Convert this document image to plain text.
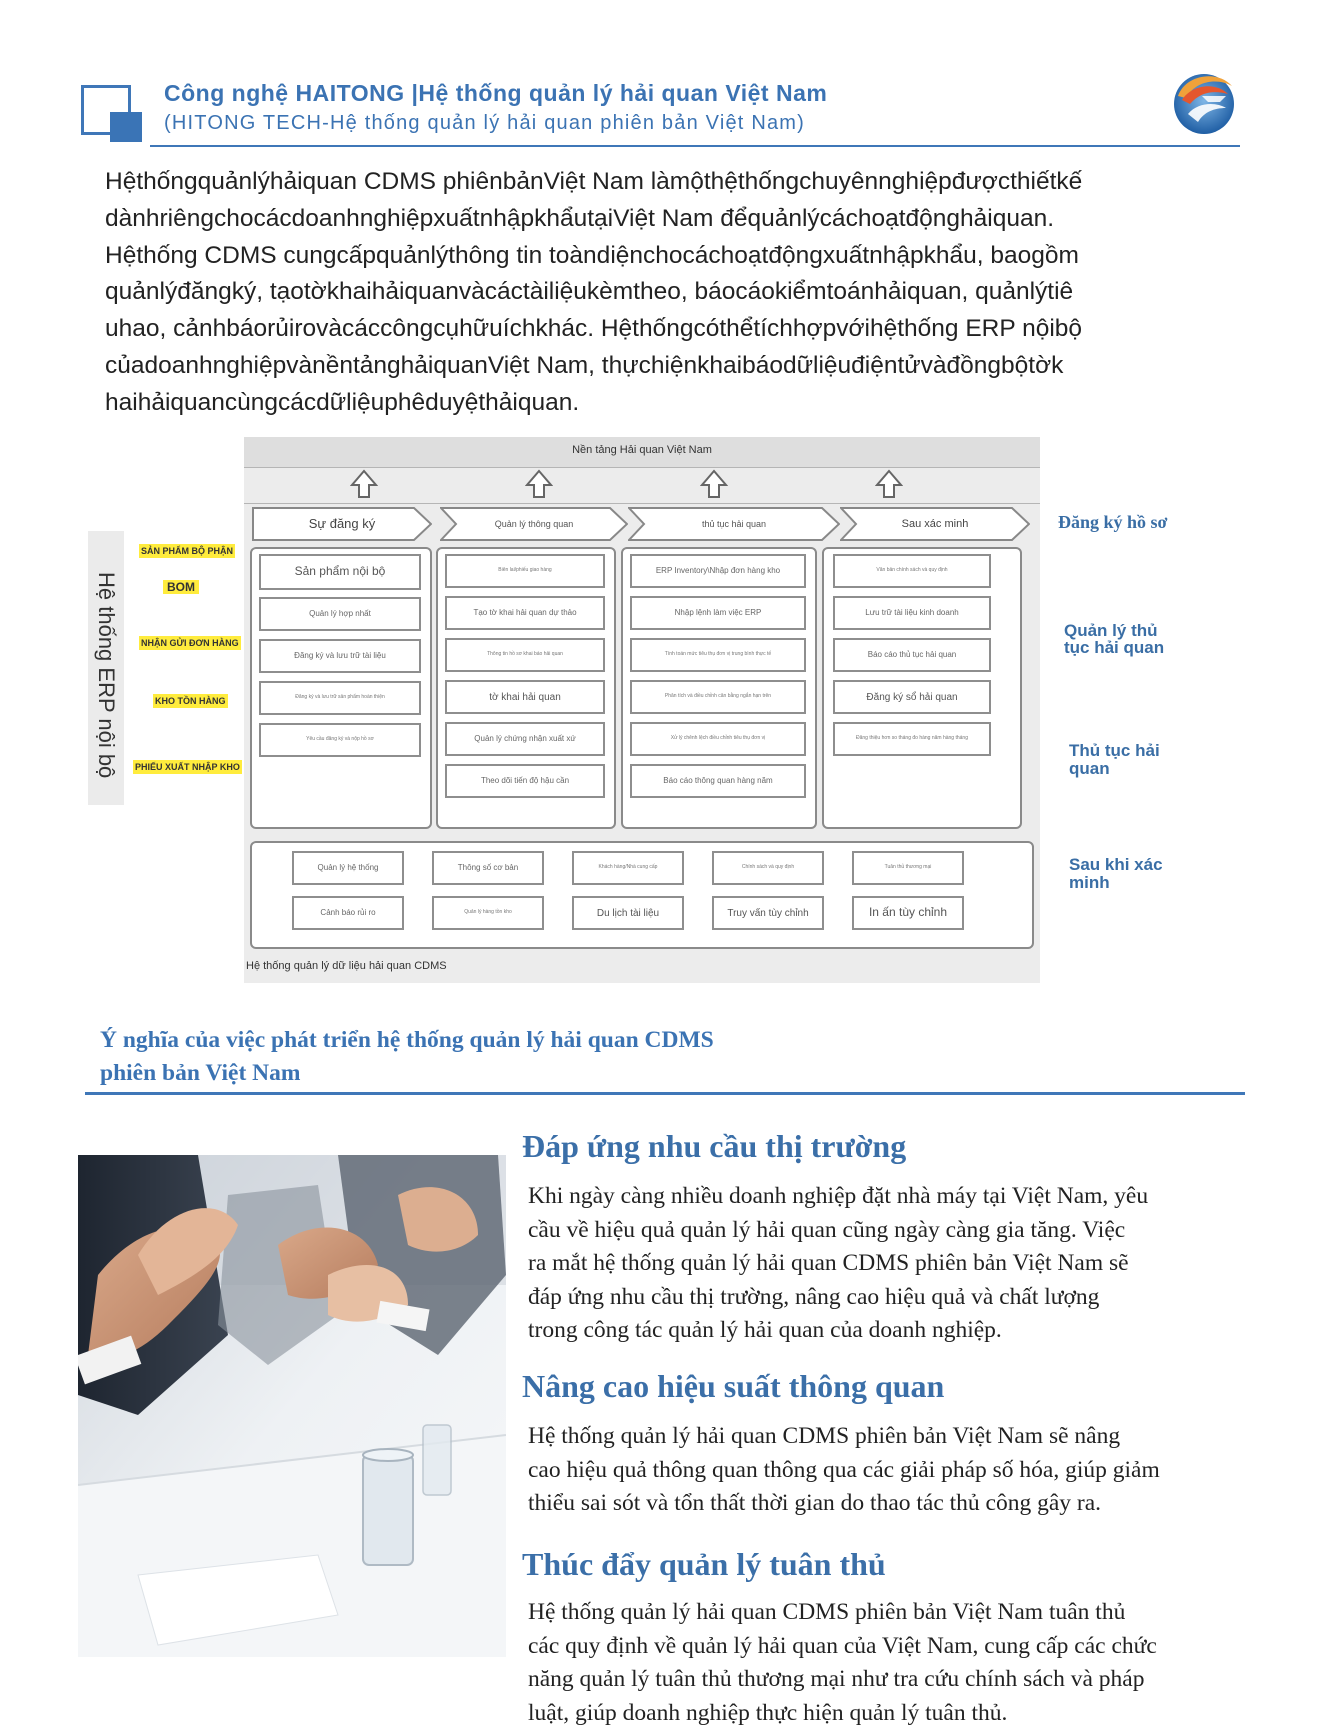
Công nghệ HAITONG |Hệ thống quản lý hải quan Việt Nam
(HITONG TECH-Hệ thống quản lý hải quan phiên bản Việt Nam)
Hệthốngquảnlýhảiquan CDMS phiênbảnViệt Nam làmộthệthốngchuyênnghiệpđượcthiếtkế
dànhriêngchocácdoanhnghiệpxuấtnhậpkhẩutạiViệt Nam đểquảnlýcáchoạtđộnghảiquan.
Hệthống CDMS cungcấpquảnlýthông tin toàndiệnchocáchoạtđộngxuấtnhậpkhẩu, baogồm
quảnlýđăngký, tạotờkhaihảiquanvàcáctàiliệukèmtheo, báocáokiểmtoánhảiquan, quảnlýtiê
uhao, cảnhbáorủirovàcáccôngcụhữuíchkhác. Hệthốngcóthểtíchhợpvớihệthống ERP nộibộ
củadoanhnghiệpvànềntảnghảiquanViệt Nam, thựchiệnkhaibáodữliệuđiệntửvàđồngbộtờk
haihảiquancùngcácdữliệuphêduyệthảiquan.
Hệ thống ERP nội bộ
SẢN PHẨM BỘ PHẬN
BOM
NHẬN GỬI ĐƠN HÀNG
KHO TỒN HÀNG
PHIẾU XUẤT NHẬP KHO
Nền tảng Hải quan Việt Nam
Sự đăng ký	Quản lý thông quan	thủ tục hải quan	Sau xác minh
Sản phẩm nội bộ
Quản lý hợp nhất
Đăng ký và lưu trữ tài liệu
Đăng ký và lưu trữ sản phẩm hoàn thiện
Yêu cầu đăng ký và nộp hồ sơ
Biên lai/phiếu giao hàng
Tạo tờ khai hải quan dự thảo
Thông tin hồ sơ khai báo hải quan
tờ khai hải quan
Quản lý chứng nhận xuất xứ
Theo dõi tiến độ hậu cần
ERP Inventory\Nhập đơn hàng kho
Nhập lệnh làm việc ERP
Tính toán mức tiêu thụ đơn vị trung bình thực tế
Phân tích và điều chỉnh cân bằng ngắn hạn trên
Xử lý chênh lệch điều chỉnh tiêu thụ đơn vị
Báo cáo thông quan hàng năm
Văn bản chính sách và quy định
Lưu trữ tài liệu kinh doanh
Báo cáo thủ tục hải quan
Đăng ký sổ hải quan
Đăng thiệu hơn so tháng đo hàng năm hàng tháng
Quản lý hệ thống	Thông số cơ bản	Khách hàng/Nhà cung cấp	Chính sách và quy định	Tuân thủ thương mại
Cảnh báo rủi ro	Quản lý hàng tồn kho	Du lịch tài liệu	Truy vấn tùy chỉnh	In ấn tùy chỉnh
Hệ thống quản lý dữ liệu hải quan CDMS
Đăng ký hồ sơ
Quản lý thủ
tục hải quan
Thủ tục hải
quan
Sau khi xác
minh
Ý nghĩa của việc phát triển hệ thống quản lý hải quan CDMS
phiên bản Việt Nam
Đáp ứng nhu cầu thị trường
Khi ngày càng nhiều doanh nghiệp đặt nhà máy tại Việt Nam, yêu
cầu về hiệu quả quản lý hải quan cũng ngày càng gia tăng. Việc
ra mắt hệ thống quản lý hải quan CDMS phiên bản Việt Nam sẽ
đáp ứng nhu cầu thị trường, nâng cao hiệu quả và chất lượng
trong công tác quản lý hải quan của doanh nghiệp.
Nâng cao hiệu suất thông quan
Hệ thống quản lý hải quan CDMS phiên bản Việt Nam sẽ nâng
cao hiệu quả thông quan thông qua các giải pháp số hóa, giúp giảm
thiểu sai sót và tổn thất thời gian do thao tác thủ công gây ra.
Thúc đẩy quản lý tuân thủ
Hệ thống quản lý hải quan CDMS phiên bản Việt Nam tuân thủ
các quy định về quản lý hải quan của Việt Nam, cung cấp các chức
năng quản lý tuân thủ thương mại như tra cứu chính sách và pháp
luật, giúp doanh nghiệp thực hiện quản lý tuân thủ.
